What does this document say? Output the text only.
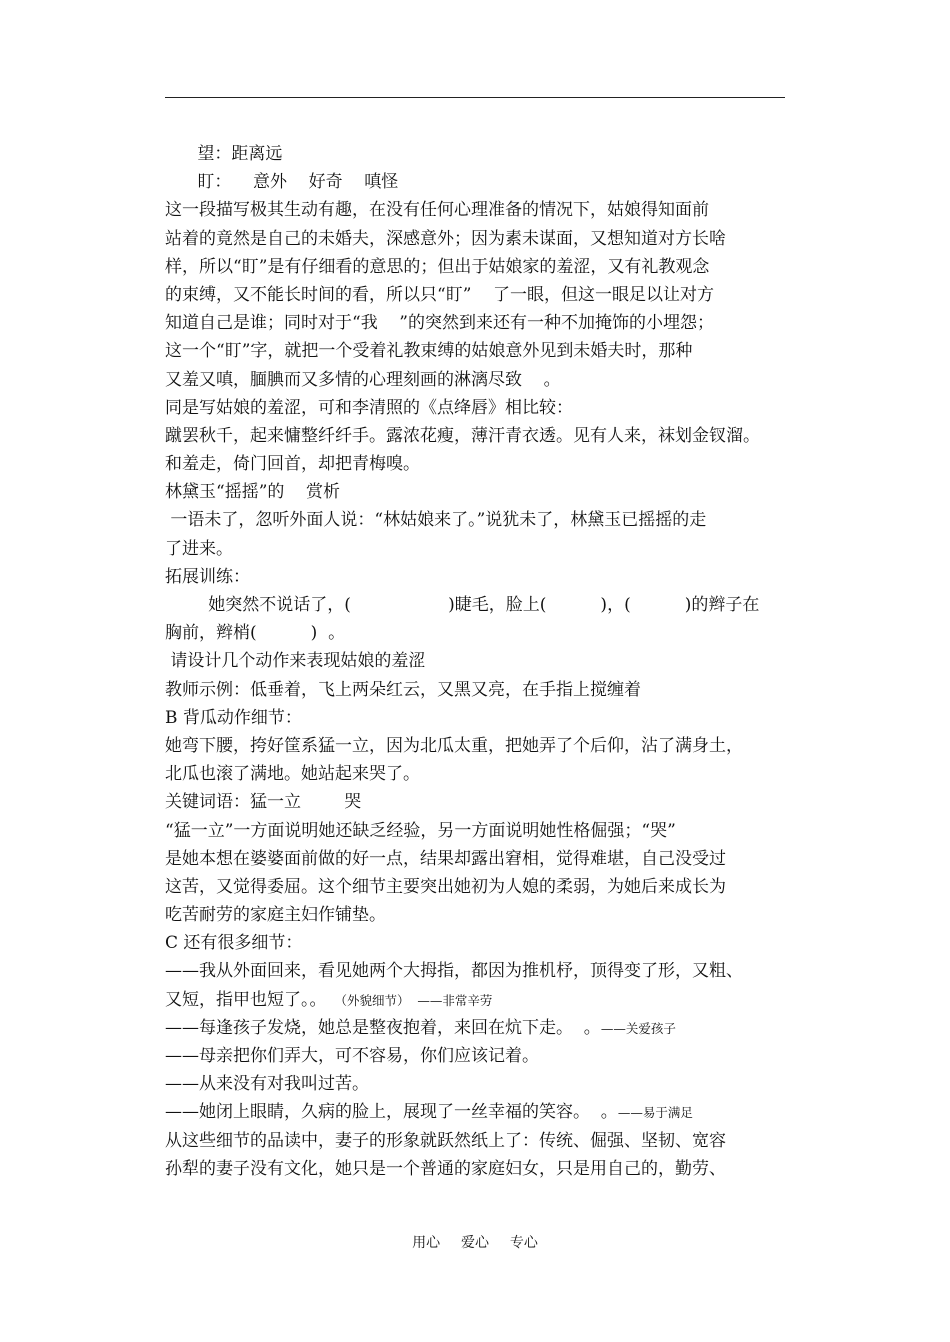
望：距离远
盯：    意外    好奇    嗔怪
这一段描写极其生动有趣，在没有任何心理准备的情况下，姑娘得知面前
站着的竟然是自己的未婚夫，深感意外；因为素未谋面，又想知道对方长啥
样，所以“盯”是有仔细看的意思的；但出于姑娘家的羞涩，又有礼教观念
的束缚，又不能长时间的看，所以只“盯”    了一眼，但这一眼足以让对方
知道自己是谁；同时对于“我    ”的突然到来还有一种不加掩饰的小埋怨；
这一个“盯”字，就把一个受着礼教束缚的姑娘意外见到未婚夫时，那种
又羞又嗔，腼腆而又多情的心理刻画的淋漓尽致    。
同是写姑娘的羞涩，可和李清照的《点绛唇》相比较：
蹴罢秋千，起来慵整纤纤手。露浓花瘦，薄汗青衣透。见有人来，袜划金钗溜。
和羞走，倚门回首，却把青梅嗅。
林黛玉“摇摇”的    赏析
一语未了，忽听外面人说：“林姑娘来了。”说犹未了，林黛玉已摇摇的走
了进来。
拓展训练：
她突然不说话了，(                  )睫毛，脸上(          )，(          )的辫子在
胸前，辫梢(          )  。
请设计几个动作来表现姑娘的羞涩
教师示例：低垂着，飞上两朵红云，又黑又亮，在手指上搅缠着
B 背瓜动作细节：
她弯下腰，挎好筐系猛一立，因为北瓜太重，把她弄了个后仰，沾了满身土，
北瓜也滚了满地。她站起来哭了。
关键词语：猛一立        哭
“猛一立”一方面说明她还缺乏经验，另一方面说明她性格倔强；“哭”
是她本想在婆婆面前做的好一点，结果却露出窘相，觉得难堪，自己没受过
这苦，又觉得委屈。这个细节主要突出她初为人媳的柔弱，为她后来成长为
吃苦耐劳的家庭主妇作铺垫。
C 还有很多细节：
——我从外面回来，看见她两个大拇指，都因为推机杼，顶得变了形，又粗、
又短，指甲也短了。。  （外貌细节）  ——非常辛劳
——每逢孩子发烧，她总是整夜抱着，来回在炕下走。  。——关爱孩子
——母亲把你们弄大，可不容易，你们应该记着。
——从来没有对我叫过苦。
——她闭上眼睛，久病的脸上，展现了一丝幸福的笑容。  。——易于满足
从这些细节的品读中，妻子的形象就跃然纸上了：传统、倔强、坚韧、宽容
孙犁的妻子没有文化，她只是一个普通的家庭妇女，只是用自己的，勤劳、
用心  爱心  专心
